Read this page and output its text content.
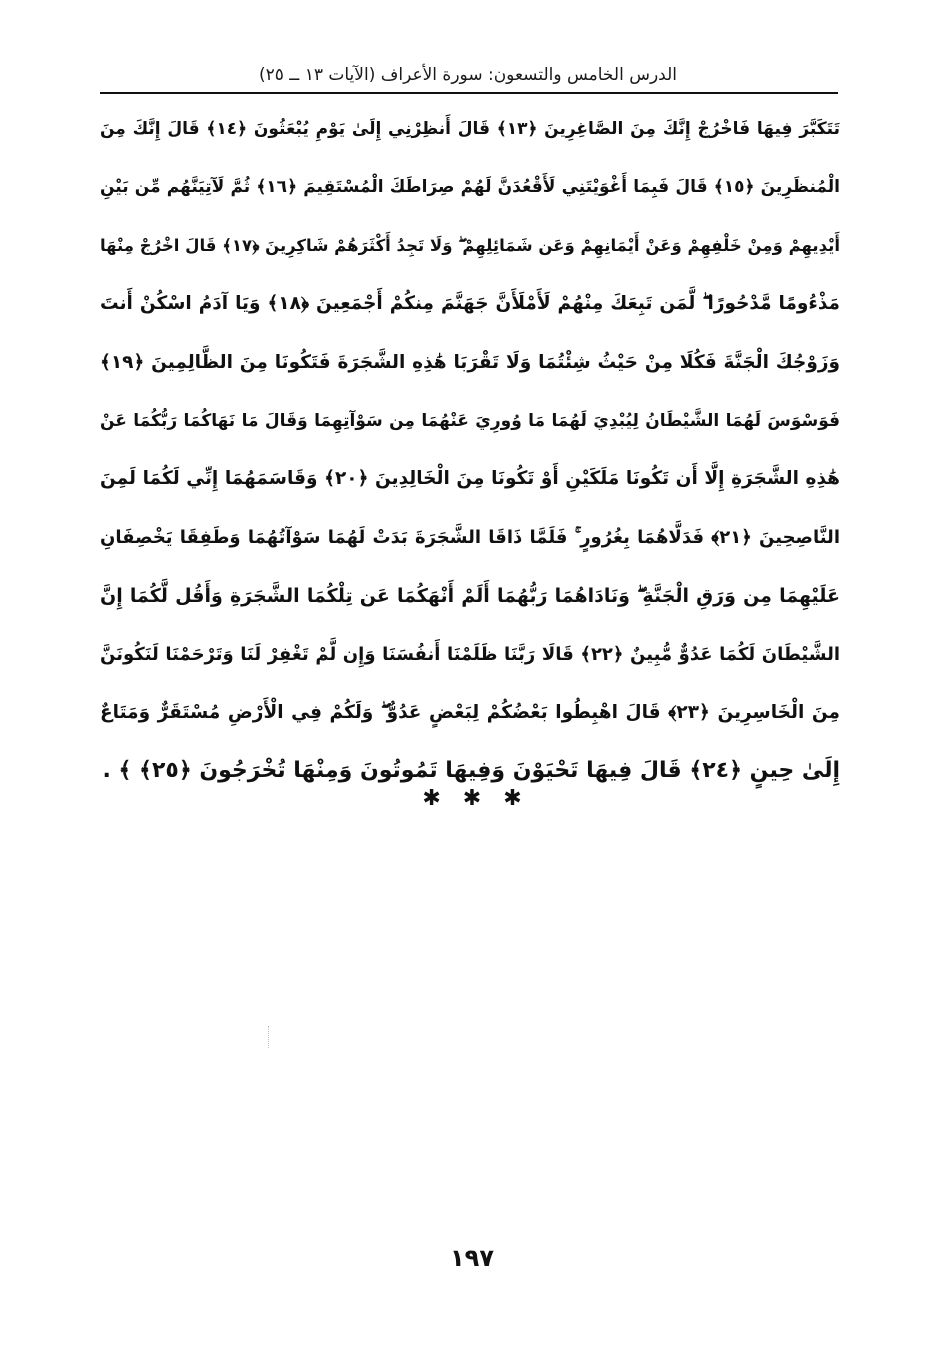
الدرس الخامس والتسعون: سورة الأعراف (الآيات ١٣ ــ ٢٥)
تَتَكَبَّرَ فِيهَا فَاخْرُجْ إِنَّكَ مِنَ الصَّاغِرِينَ ﴿١٣﴾ قَالَ أَنظِرْنِي إِلَىٰ يَوْمِ يُبْعَثُونَ ﴿١٤﴾ قَالَ إِنَّكَ مِنَ
الْمُنظَرِينَ ﴿١٥﴾ قَالَ فَبِمَا أَغْوَيْتَنِي لَأَقْعُدَنَّ لَهُمْ صِرَاطَكَ الْمُسْتَقِيمَ ﴿١٦﴾ ثُمَّ لَآتِيَنَّهُم مِّن بَيْنِ
أَيْدِيهِمْ وَمِنْ خَلْفِهِمْ وَعَنْ أَيْمَانِهِمْ وَعَن شَمَائِلِهِمْ ۖ وَلَا تَجِدُ أَكْثَرَهُمْ شَاكِرِينَ ﴿١٧﴾ قَالَ اخْرُجْ مِنْهَا
مَذْءُومًا مَّدْحُورًا ۖ لَّمَن تَبِعَكَ مِنْهُمْ لَأَمْلَأَنَّ جَهَنَّمَ مِنكُمْ أَجْمَعِينَ ﴿١٨﴾ وَيَا آدَمُ اسْكُنْ أَنتَ
وَزَوْجُكَ الْجَنَّةَ فَكُلَا مِنْ حَيْثُ شِئْتُمَا وَلَا تَقْرَبَا هَٰذِهِ الشَّجَرَةَ فَتَكُونَا مِنَ الظَّالِمِينَ ﴿١٩﴾
فَوَسْوَسَ لَهُمَا الشَّيْطَانُ لِيُبْدِيَ لَهُمَا مَا وُورِيَ عَنْهُمَا مِن سَوْآتِهِمَا وَقَالَ مَا نَهَاكُمَا رَبُّكُمَا عَنْ
هَٰذِهِ الشَّجَرَةِ إِلَّا أَن تَكُونَا مَلَكَيْنِ أَوْ تَكُونَا مِنَ الْخَالِدِينَ ﴿٢٠﴾ وَقَاسَمَهُمَا إِنِّي لَكُمَا لَمِنَ
النَّاصِحِينَ ﴿٢١﴾ فَدَلَّاهُمَا بِغُرُورٍ ۚ فَلَمَّا ذَاقَا الشَّجَرَةَ بَدَتْ لَهُمَا سَوْآتُهُمَا وَطَفِقَا يَخْصِفَانِ
عَلَيْهِمَا مِن وَرَقِ الْجَنَّةِ ۖ وَنَادَاهُمَا رَبُّهُمَا أَلَمْ أَنْهَكُمَا عَن تِلْكُمَا الشَّجَرَةِ وَأَقُل لَّكُمَا إِنَّ
الشَّيْطَانَ لَكُمَا عَدُوٌّ مُّبِينٌ ﴿٢٢﴾ قَالَا رَبَّنَا ظَلَمْنَا أَنفُسَنَا وَإِن لَّمْ تَغْفِرْ لَنَا وَتَرْحَمْنَا لَنَكُونَنَّ
مِنَ الْخَاسِرِينَ ﴿٢٣﴾ قَالَ اهْبِطُوا بَعْضُكُمْ لِبَعْضٍ عَدُوٌّ ۖ وَلَكُمْ فِي الْأَرْضِ مُسْتَقَرٌّ وَمَتَاعٌ
إِلَىٰ حِينٍ ﴿٢٤﴾ قَالَ فِيهَا تَحْيَوْنَ وَفِيهَا تَمُوتُونَ وَمِنْهَا تُخْرَجُونَ ﴿٢٥﴾ ﴾ .
✱ ✱ ✱
١٩٧
